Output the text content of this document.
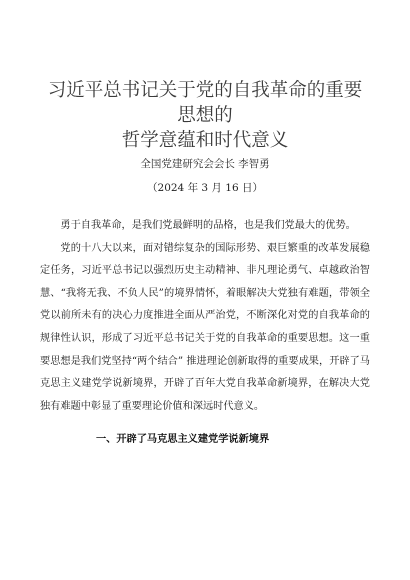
习近平总书记关于党的自我革命的重要思想的
哲学意蕴和时代意义
全国党建研究会会长 李智勇
（2024 年 3 月 16 日）

勇于自我革命，是我们党最鲜明的品格，也是我们党最大的优势。

党的十八大以来，面对错综复杂的国际形势、艰巨繁重的改革发展稳定任务，习近平总书记以强烈历史主动精神、非凡理论勇气、卓越政治智慧、“我将无我、不负人民”的境界情怀，着眼解决大党独有难题，带领全党以前所未有的决心力度推进全面从严治党，不断深化对党的自我革命的规律性认识，形成了习近平总书记关于党的自我革命的重要思想。这一重要思想是我们党坚持“两个结合” 推进理论创新取得的重要成果，开辟了马克思主义建党学说新境界，开辟了百年大党自我革命新境界，在解决大党独有难题中彰显了重要理论价值和深远时代意义。

一、开辟了马克思主义建党学说新境界
